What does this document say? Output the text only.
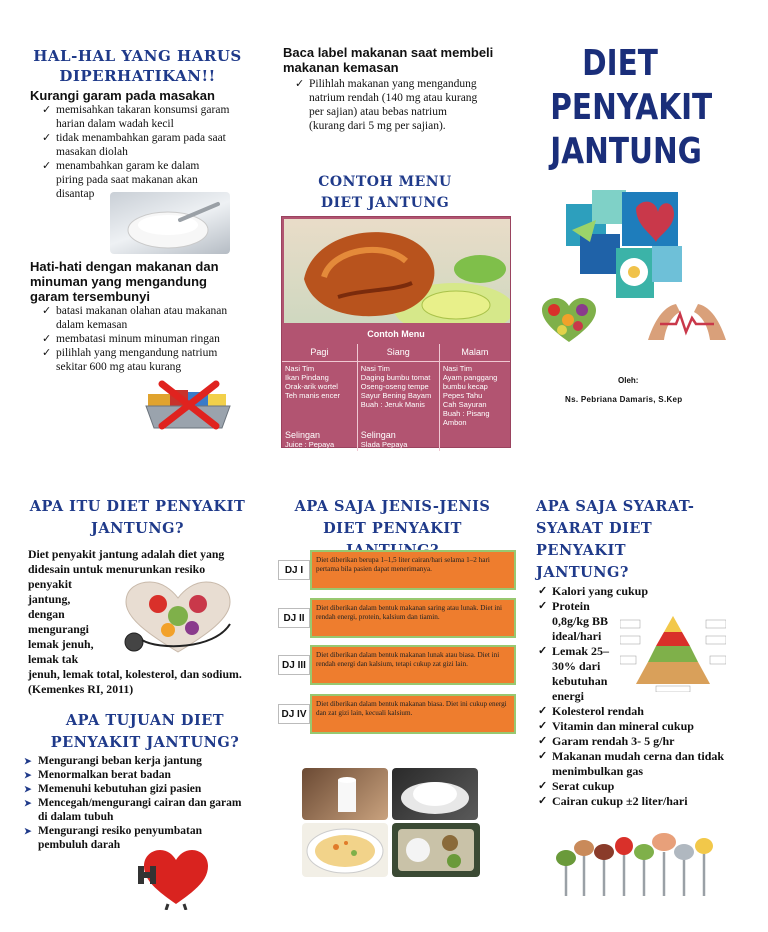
HAL-HAL YANG HARUS DIPERHATIKAN!!
Kurangi garam pada masakan
✓ memisahkan takaran konsumsi garam harian dalam wadah kecil
✓ tidak menambahkan garam pada saat masakan diolah
✓ menambahkan garam ke dalam piring pada saat makanan akan disantap
Hati-hati dengan makanan dan minuman yang mengandung garam tersembunyi
✓ batasi makanan olahan atau makanan dalam kemasan
✓ membatasi minum minuman ringan
✓ pilihlah yang mengandung natrium sekitar 600 mg atau kurang
Baca label makanan saat membeli makanan kemasan
✓ Pilihlah makanan yang mengandung natrium rendah (140 mg atau kurang per sajian) atau bebas natrium (kurang dari 5 mg per sajian).
CONTOH MENU DIET JANTUNG
Contoh Menu
Pagi	Siang	Malam
Nasi Tim
Ikan Pindang
Orak-arik wortel
Teh manis encer	Nasi Tim
Daging bumbu tomat
Oseng-oseng tempe
Sayur Bening Bayam
Buah : Jeruk Manis	Nasi Tim
Ayam panggang bumbu kecap
Pepes Tahu
Cah Sayuran
Buah : Pisang Ambon

Selingan
Juice : Pepaya	Selingan
Slada Pepaya	
DIET
PENYAKIT
JANTUNG
Oleh:
Ns. Pebriana Damaris, S.Kep
APA ITU DIET PENYAKIT JANTUNG?
Diet penyakit jantung adalah diet yang didesain untuk menurunkan resiko
penyakit
jantung,
dengan
mengurangi
lemak jenuh,
lemak tak
jenuh, lemak total, kolesterol, dan sodium. (Kemenkes RI, 2011)
APA TUJUAN DIET PENYAKIT JANTUNG?
➤ Mengurangi beban kerja jantung
➤ Menormalkan berat badan
➤ Memenuhi kebutuhan gizi pasien
➤ Mencegah/mengurangi cairan dan garam di dalam tubuh
➤ Mengurangi resiko penyumbatan pembuluh darah
APA SAJA JENIS-JENIS DIET PENYAKIT
DJ I
Diet diberikan berupa 1–1,5 liter cairan/hari selama 1–2 hari pertama bila pasien dapat menerimanya.
DJ II
Diet diberikan dalam bentuk makanan saring atau lunak. Diet ini rendah energi, protein, kalsium dan tiamin.
DJ III
Diet diberikan dalam bentuk makanan lunak atau biasa. Diet ini rendah energi dan kalsium, tetapi cukup zat gizi lain.
DJ IV
Diet diberikan dalam bentuk makanan biasa. Diet ini cukup energi dan zat gizi lain, kecuali kalsium.
APA SAJA SYARAT-SYARAT DIET PENYAKIT JANTUNG?
✓ Kalori yang cukup
✓ Protein
0,8g/kg BB
ideal/hari
✓ Lemak 25–
30% dari
kebutuhan
energi
✓ Kolesterol rendah
✓ Vitamin dan mineral cukup
✓ Garam rendah 3- 5 g/hr
✓ Makanan mudah cerna dan tidak menimbulkan gas
✓ Serat cukup
✓ Cairan cukup ±2 liter/hari
